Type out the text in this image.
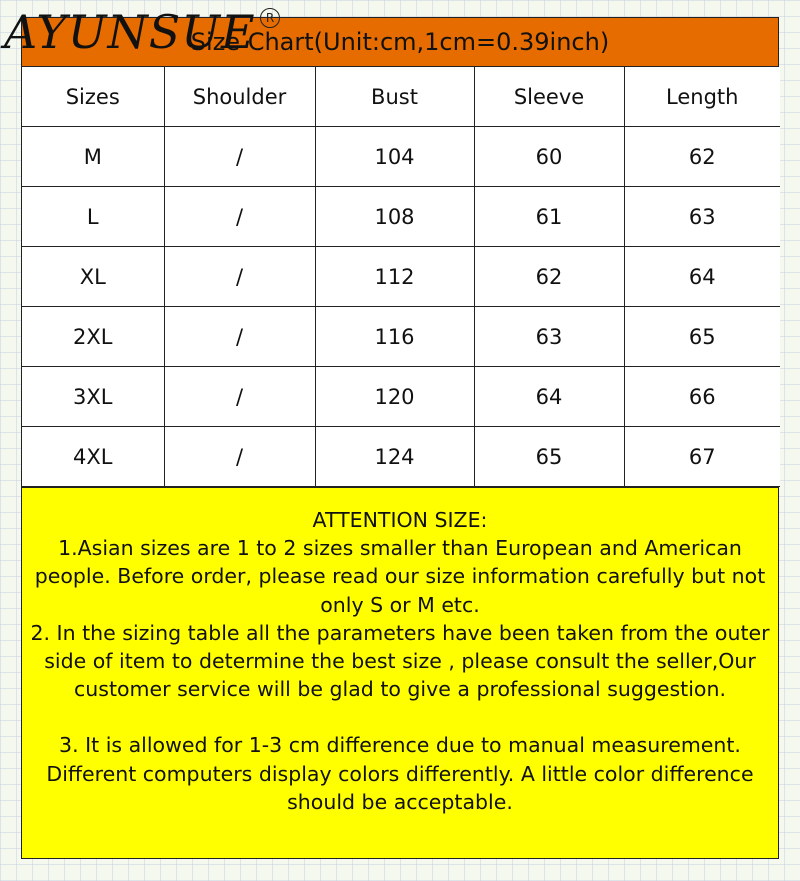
AYUNSUE R
Size Chart(Unit:cm,1cm=0.39inch)
Sizes	Shoulder	Bust	Sleeve	Length
M	/	104	60	62
L	/	108	61	63
XL	/	112	62	64
2XL	/	116	63	65
3XL	/	120	64	66
4XL	/	124	65	67

ATTENTION SIZE:

1.Asian sizes are 1 to 2 sizes smaller than European and American people. Before order, please read our size information carefully but not only S or M etc.

2. In the sizing table all the parameters have been taken from the outer side of item to determine the best size , please consult the seller,Our customer service will be glad to give a professional suggestion.

3. It is allowed for 1-3 cm difference due to manual measurement. Different computers display colors differently. A little color difference should be acceptable.
